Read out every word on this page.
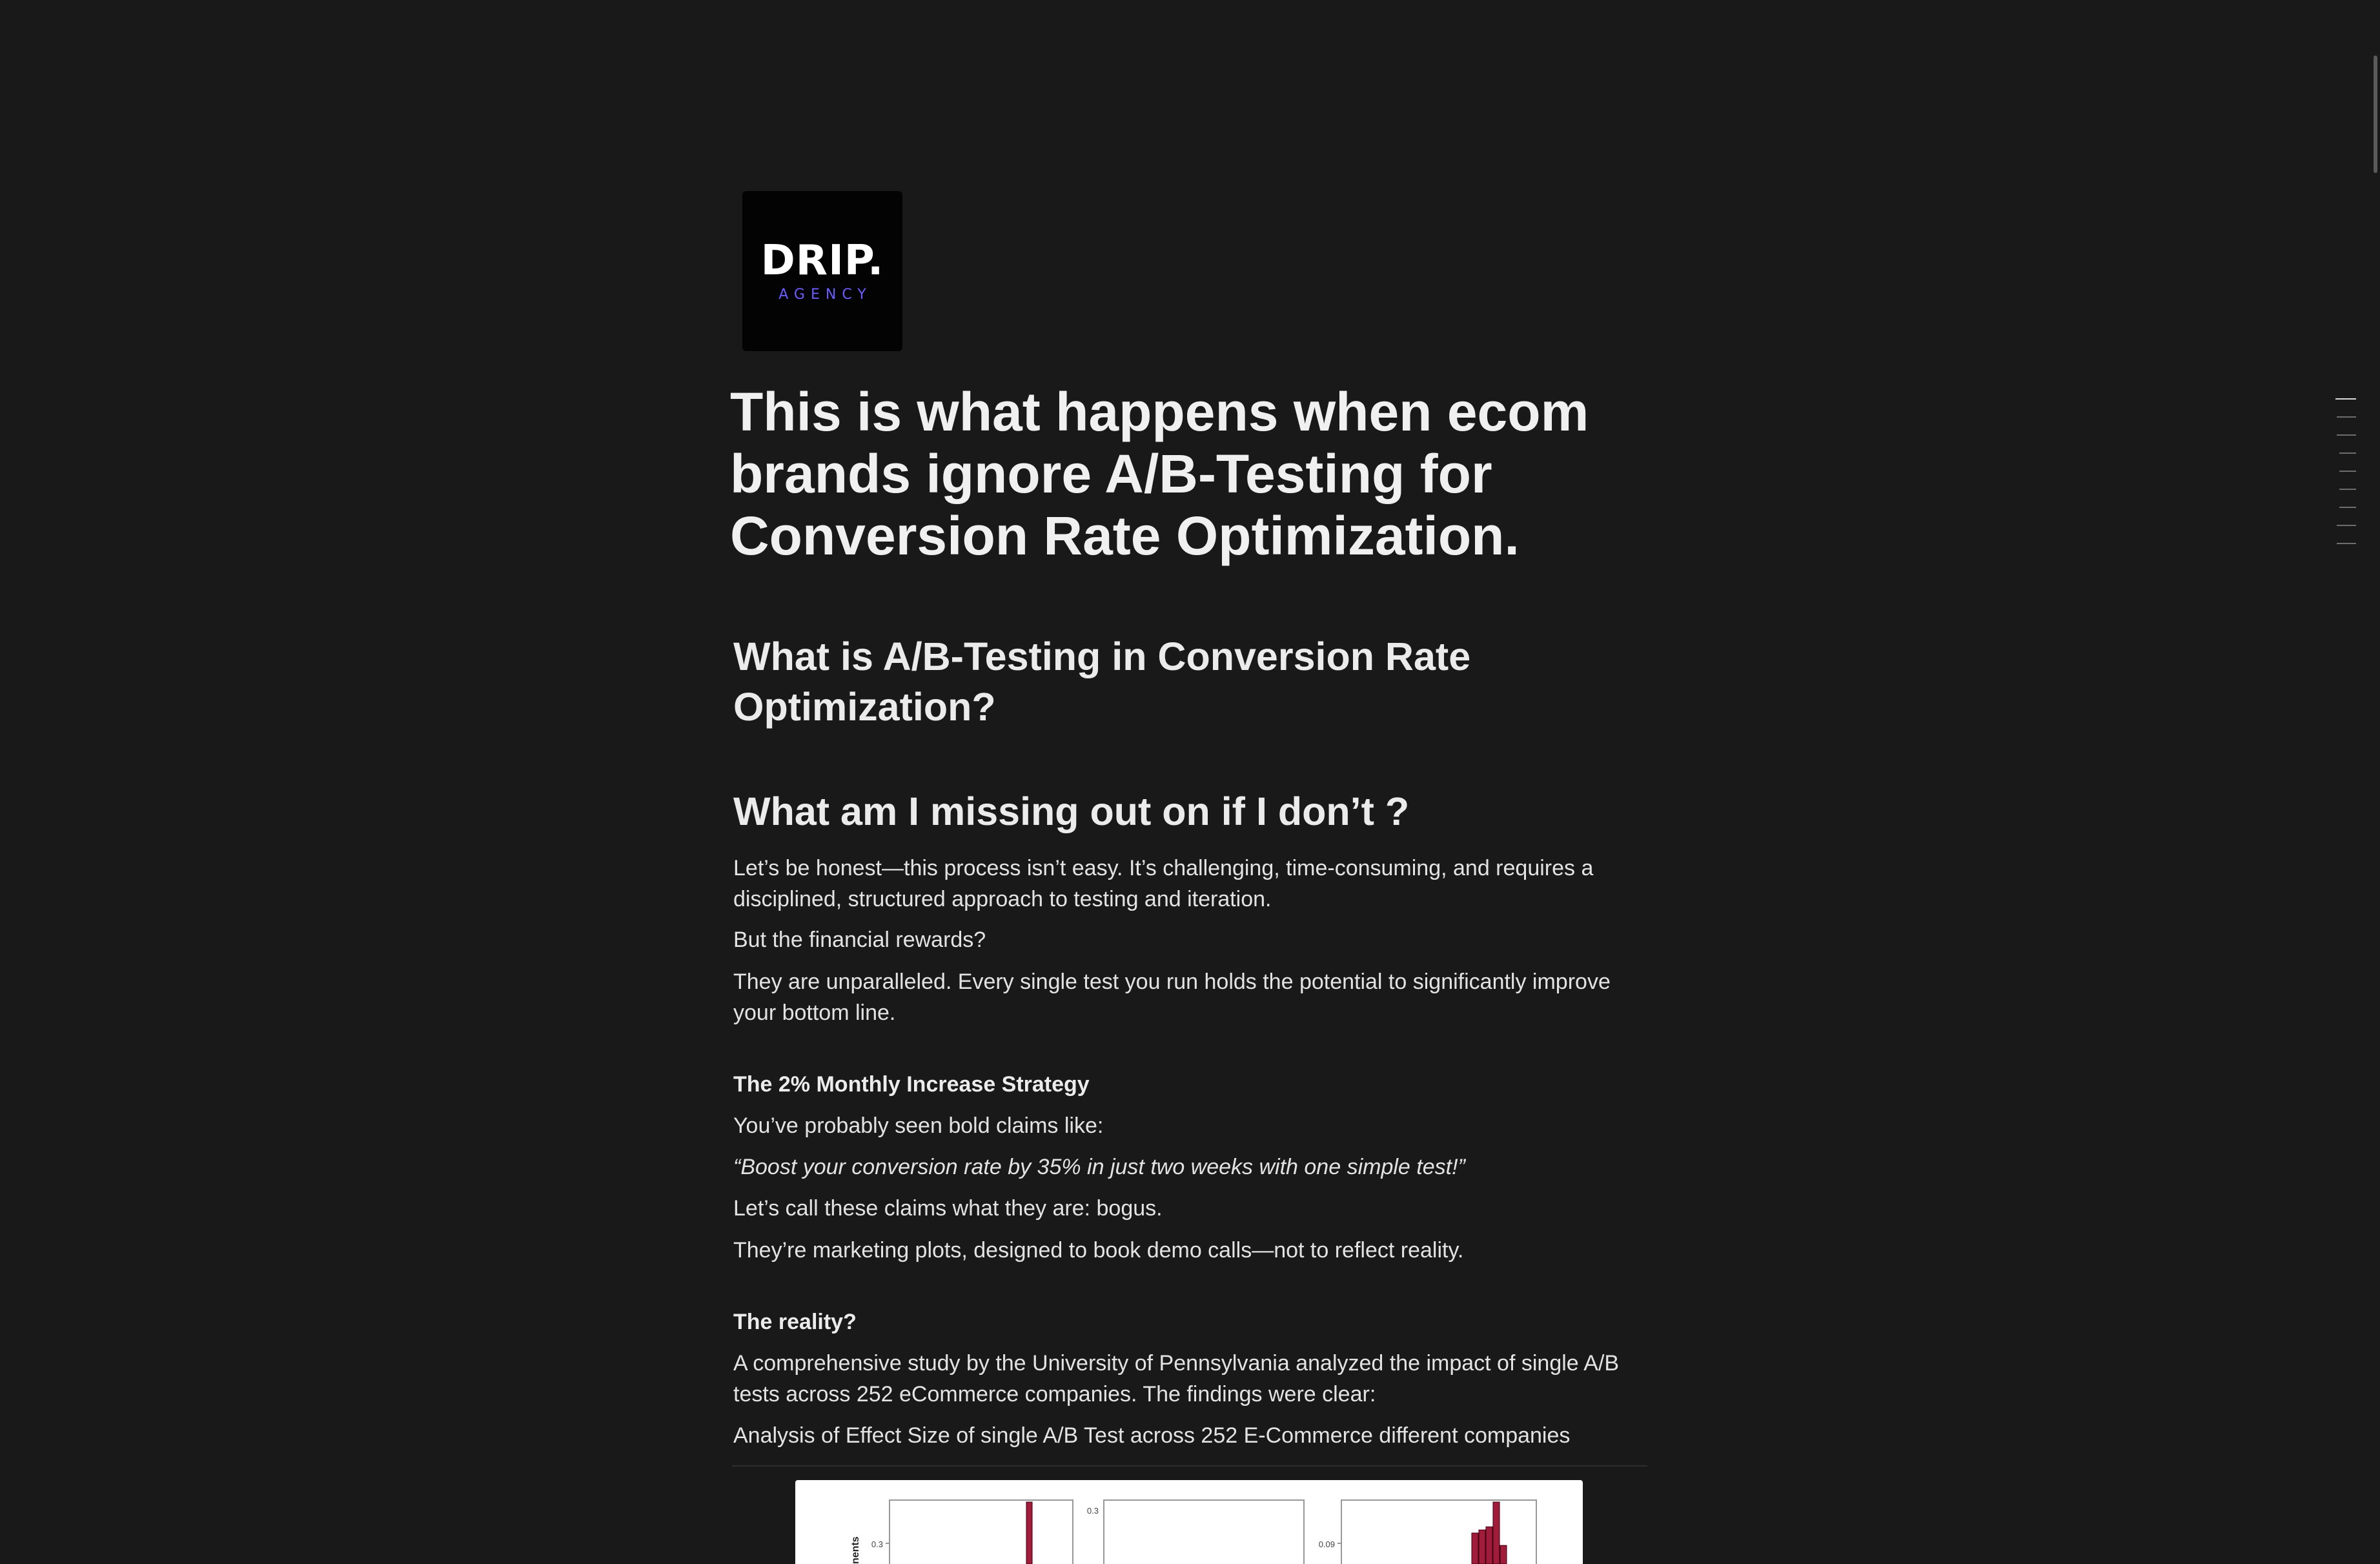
DRIP.
AGENCY
This is what happens when ecom brands ignore A/B-Testing for Conversion Rate Optimization.
What is A/B-Testing in Conversion Rate Optimization?
What am I missing out on if I don’t ?

Let’s be honest—this process isn’t easy. It’s challenging, time-consuming, and requires a disciplined, structured approach to testing and iteration.

But the financial rewards?

They are unparalleled. Every single test you run holds the potential to significantly improve your bottom line.

The 2% Monthly Increase Strategy

You’ve probably seen bold claims like:

“Boost your conversion rate by 35% in just two weeks with one simple test!”

Let’s call these claims what they are: bogus.

They’re marketing plots, designed to book demo calls—not to reflect reality.

The reality?

A comprehensive study by the University of Pennsylvania analyzed the impact of single A/B tests across 252 eCommerce companies. The findings were clear:

Analysis of Effect Size of single A/B Test across 252 E-Commerce different companies

nents 0.3
0.3
0.09
